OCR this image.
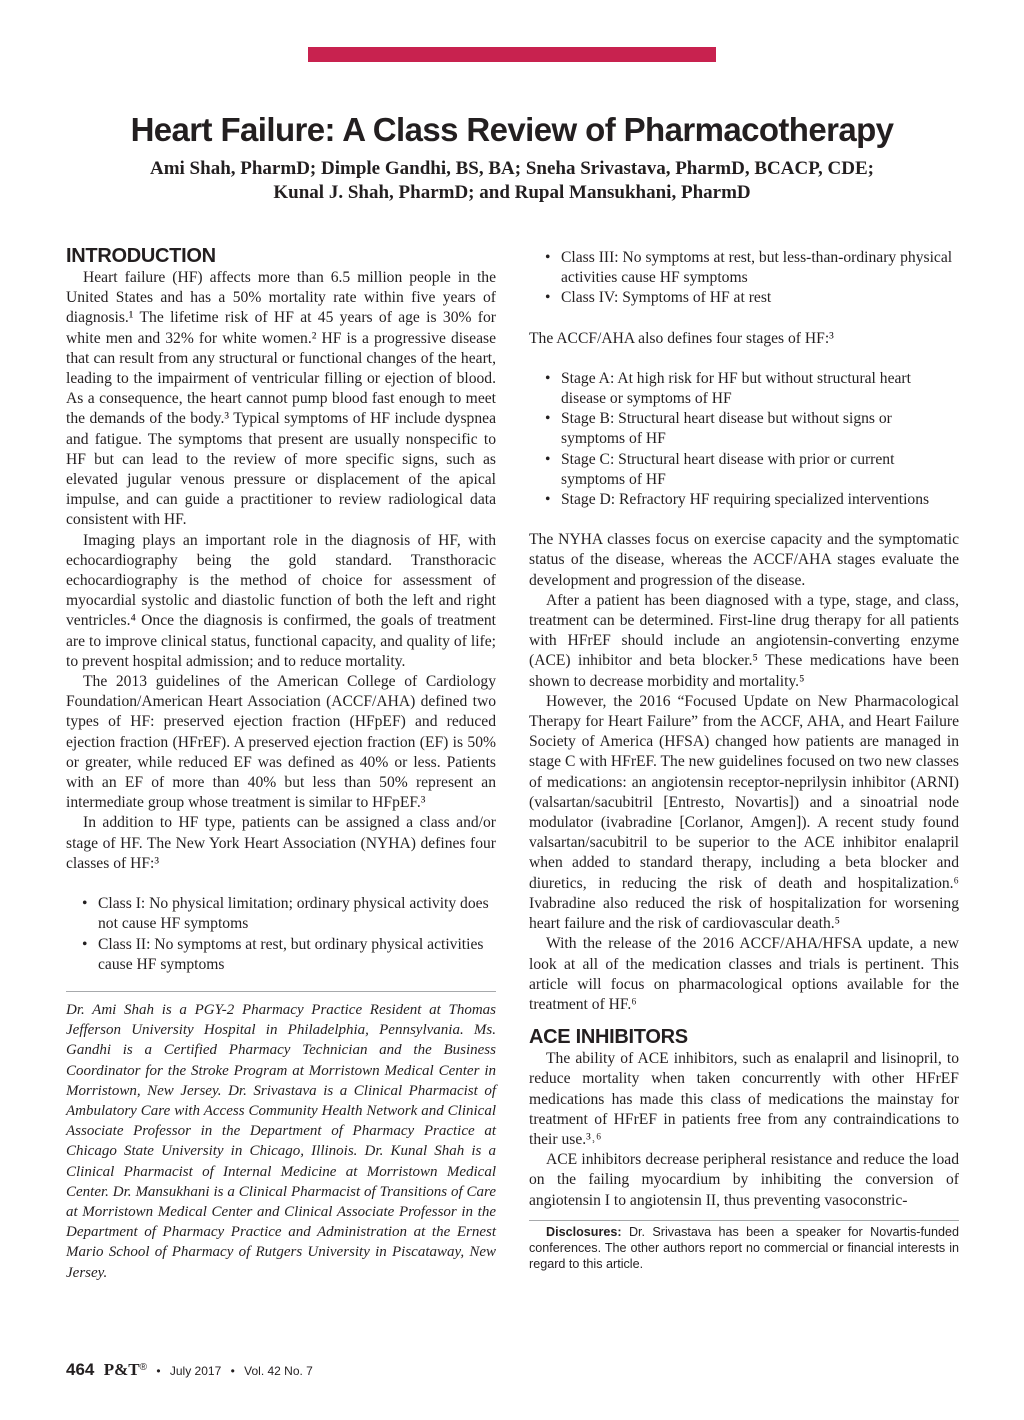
Heart Failure: A Class Review of Pharmacotherapy
Ami Shah, PharmD; Dimple Gandhi, BS, BA; Sneha Srivastava, PharmD, BCACP, CDE;
Kunal J. Shah, PharmD; and Rupal Mansukhani, PharmD
INTRODUCTION

Heart failure (HF) affects more than 6.5 million people in the United States and has a 50% mortality rate within five years of diagnosis.¹ The lifetime risk of HF at 45 years of age is 30% for white men and 32% for white women.² HF is a progressive disease that can result from any structural or functional changes of the heart, leading to the impairment of ventricular filling or ejection of blood. As a consequence, the heart cannot pump blood fast enough to meet the demands of the body.³ Typical symptoms of HF include dyspnea and fatigue. The symptoms that present are usually nonspecific to HF but can lead to the review of more specific signs, such as elevated jugular venous pressure or displacement of the apical impulse, and can guide a practitioner to review radiological data consistent with HF.

Imaging plays an important role in the diagnosis of HF, with echocardiography being the gold standard. Transthoracic echocardiography is the method of choice for assessment of myocardial systolic and diastolic function of both the left and right ventricles.⁴ Once the diagnosis is confirmed, the goals of treatment are to improve clinical status, functional capacity, and quality of life; to prevent hospital admission; and to reduce mortality.

The 2013 guidelines of the American College of Cardiology Foundation/American Heart Association (ACCF/AHA) defined two types of HF: preserved ejection fraction (HFpEF) and reduced ejection fraction (HFrEF). A preserved ejection fraction (EF) is 50% or greater, while reduced EF was defined as 40% or less. Patients with an EF of more than 40% but less than 50% represent an intermediate group whose treatment is similar to HFpEF.³

In addition to HF type, patients can be assigned a class and/or stage of HF. The New York Heart Association (NYHA) defines four classes of HF:³

• Class I: No physical limitation; ordinary physical activity does not cause HF symptoms
• Class II: No symptoms at rest, but ordinary physical activities cause HF symptoms

Dr. Ami Shah is a PGY-2 Pharmacy Practice Resident at Thomas Jefferson University Hospital in Philadelphia, Pennsylvania. Ms. Gandhi is a Certified Pharmacy Technician and the Business Coordinator for the Stroke Program at Morristown Medical Center in Morristown, New Jersey. Dr. Srivastava is a Clinical Pharmacist of Ambulatory Care with Access Community Health Network and Clinical Associate Professor in the Department of Pharmacy Practice at Chicago State University in Chicago, Illinois. Dr. Kunal Shah is a Clinical Pharmacist of Internal Medicine at Morristown Medical Center. Dr. Mansukhani is a Clinical Pharmacist of Transitions of Care at Morristown Medical Center and Clinical Associate Professor in the Department of Pharmacy Practice and Administration at the Ernest Mario School of Pharmacy of Rutgers University in Piscataway, New Jersey.

• Class III: No symptoms at rest, but less-than-ordinary physical activities cause HF symptoms
• Class IV: Symptoms of HF at rest

The ACCF/AHA also defines four stages of HF:³

• Stage A: At high risk for HF but without structural heart disease or symptoms of HF
• Stage B: Structural heart disease but without signs or symptoms of HF
• Stage C: Structural heart disease with prior or current symptoms of HF
• Stage D: Refractory HF requiring specialized interventions

The NYHA classes focus on exercise capacity and the symptomatic status of the disease, whereas the ACCF/AHA stages evaluate the development and progression of the disease.

After a patient has been diagnosed with a type, stage, and class, treatment can be determined. First-line drug therapy for all patients with HFrEF should include an angiotensin-converting enzyme (ACE) inhibitor and beta blocker.⁵ These medications have been shown to decrease morbidity and mortality.⁵

However, the 2016 “Focused Update on New Pharmacological Therapy for Heart Failure” from the ACCF, AHA, and Heart Failure Society of America (HFSA) changed how patients are managed in stage C with HFrEF. The new guidelines focused on two new classes of medications: an angiotensin receptor-neprilysin inhibitor (ARNI) (valsartan/sacubitril [Entresto, Novartis]) and a sinoatrial node modulator (ivabradine [Corlanor, Amgen]). A recent study found valsartan/sacubitril to be superior to the ACE inhibitor enalapril when added to standard therapy, including a beta blocker and diuretics, in reducing the risk of death and hospitalization.⁶ Ivabradine also reduced the risk of hospitalization for worsening heart failure and the risk of cardiovascular death.⁵

With the release of the 2016 ACCF/AHA/HFSA update, a new look at all of the medication classes and trials is pertinent. This article will focus on pharmacological options available for the treatment of HF.⁶

ACE INHIBITORS

The ability of ACE inhibitors, such as enalapril and lisinopril, to reduce mortality when taken concurrently with other HFrEF medications has made this class of medications the mainstay for treatment of HFrEF in patients free from any contraindications to their use.³˒⁶

ACE inhibitors decrease peripheral resistance and reduce the load on the failing myocardium by inhibiting the conversion of angiotensin I to angiotensin II, thus preventing vasoconstric-

Disclosures: Dr. Srivastava has been a speaker for Novartis-funded conferences. The other authors report no commercial or financial interests in regard to this article.

464 P&T® • July 2017 • Vol. 42 No. 7
